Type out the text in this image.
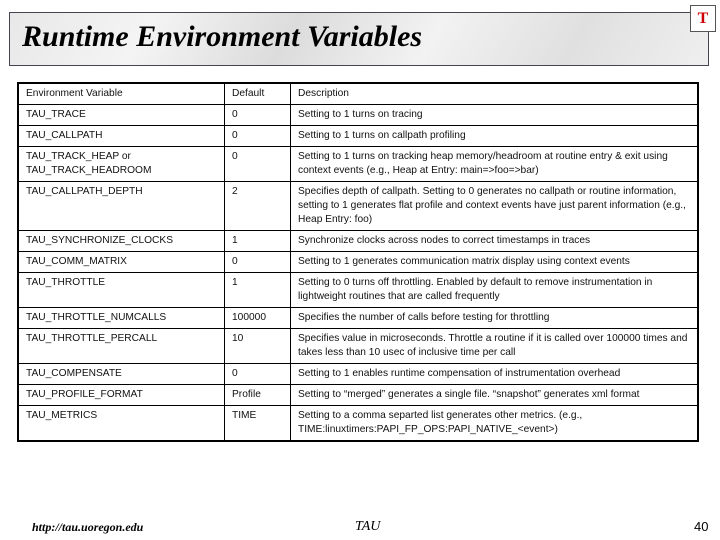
Runtime Environment Variables
T
Environment Variable	Default	Description
TAU_TRACE	0	Setting to 1 turns on tracing
TAU_CALLPATH	0	Setting to 1 turns on callpath profiling
TAU_TRACK_HEAP or TAU_TRACK_HEADROOM	0	Setting to 1 turns on tracking heap memory/headroom at routine entry & exit using context events (e.g., Heap at Entry: main=>foo=>bar)
TAU_CALLPATH_DEPTH	2	Specifies depth of callpath. Setting to 0 generates no callpath or routine information, setting to 1 generates flat profile and context events have just parent information (e.g., Heap Entry: foo)
TAU_SYNCHRONIZE_CLOCKS	1	Synchronize clocks across nodes to correct timestamps in traces
TAU_COMM_MATRIX	0	Setting to 1 generates communication matrix display using context events
TAU_THROTTLE	1	Setting to 0 turns off throttling. Enabled by default to remove instrumentation in lightweight routines that are called frequently
TAU_THROTTLE_NUMCALLS	100000	Specifies the number of calls before testing for throttling
TAU_THROTTLE_PERCALL	10	Specifies value in microseconds. Throttle a routine if it is called over 100000 times and takes less than 10 usec of inclusive time per call
TAU_COMPENSATE	0	Setting to 1 enables runtime compensation of instrumentation overhead
TAU_PROFILE_FORMAT	Profile	Setting to “merged” generates a single file. “snapshot” generates xml format
TAU_METRICS	TIME	Setting to a comma separted list generates other metrics. (e.g., TIME:linuxtimers:PAPI_FP_OPS:PAPI_NATIVE_<event>)
http://tau.uoregon.edu	TAU	40
